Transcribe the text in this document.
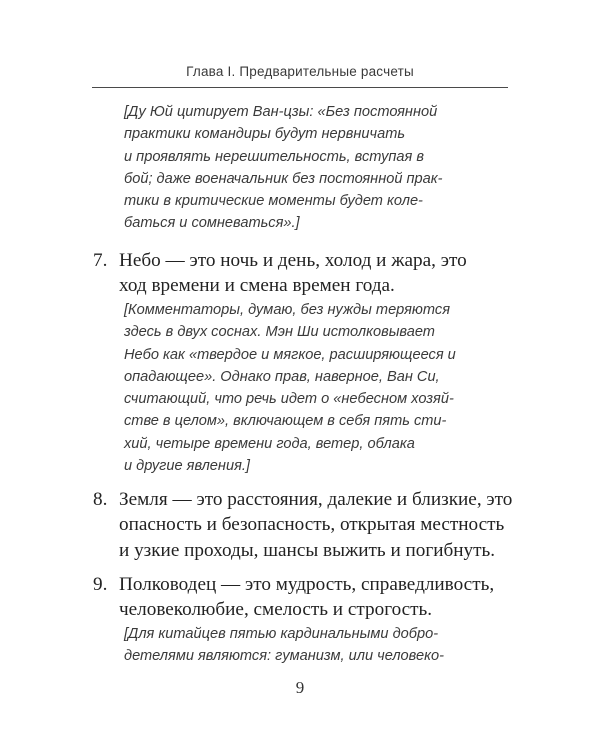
Глава I. Предварительные расчеты
[Ду Юй цитирует Ван-цзы: «Без постоянной
практики командиры будут нервничать
и проявлять нерешительность, вступая в
бой; даже военачальник без постоянной прак-
тики в критические моменты будет коле-
баться и сомневаться».]
7. Небо — это ночь и день, холод и жара, это
ход времени и смена времен года.
[Комментаторы, думаю, без нужды теряются
здесь в двух соснах. Мэн Ши истолковывает
Небо как «твердое и мягкое, расширяющееся и
опадающее». Однако прав, наверное, Ван Си,
считающий, что речь идет о «небесном хозяй-
стве в целом», включающем в себя пять сти-
хий, четыре времени года, ветер, облака
и другие явления.]
8. Земля — это расстояния, далекие и близкие, это
опасность и безопасность, открытая местность
и узкие проходы, шансы выжить и погибнуть.
9. Полководец — это мудрость, справедливость,
человеколюбие, смелость и строгость.
[Для китайцев пятью кардинальными добро-
детелями являются: гуманизм, или человеко-
9
